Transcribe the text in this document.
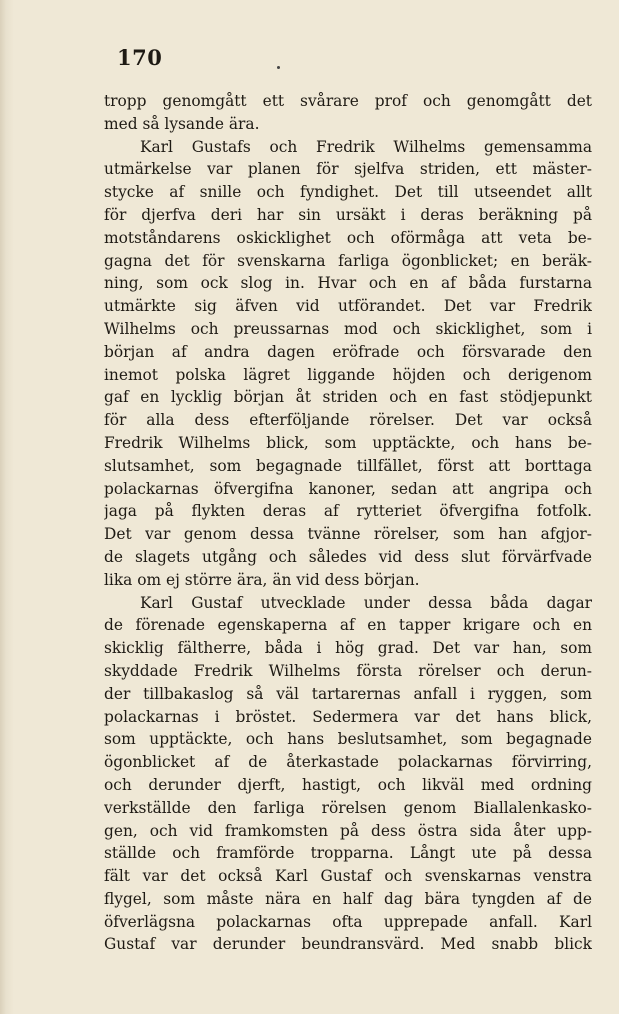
170
tropp genomgått ett svårare prof och genomgått det
med så lysande ära.
Karl Gustafs och Fredrik Wilhelms gemensamma
utmärkelse var planen för sjelfva striden, ett mäster-
stycke af snille och fyndighet. Det till utseendet allt
för djerfva deri har sin ursäkt i deras beräkning på
motståndarens oskicklighet och oförmåga att veta be-
gagna det för svenskarna farliga ögonblicket; en beräk-
ning, som ock slog in. Hvar och en af båda furstarna
utmärkte sig äfven vid utförandet. Det var Fredrik
Wilhelms och preussarnas mod och skicklighet, som i
början af andra dagen eröfrade och försvarade den
inemot polska lägret liggande höjden och derigenom
gaf en lycklig början åt striden och en fast stödjepunkt
för alla dess efterföljande rörelser. Det var också
Fredrik Wilhelms blick, som upptäckte, och hans be-
slutsamhet, som begagnade tillfället, först att borttaga
polackarnas öfvergifna kanoner, sedan att angripa och
jaga på flykten deras af rytteriet öfvergifna fotfolk.
Det var genom dessa tvänne rörelser, som han afgjor-
de slagets utgång och således vid dess slut förvärfvade
lika om ej större ära, än vid dess början.
Karl Gustaf utvecklade under dessa båda dagar
de förenade egenskaperna af en tapper krigare och en
skicklig fältherre, båda i hög grad. Det var han, som
skyddade Fredrik Wilhelms första rörelser och derun-
der tillbakaslog så väl tartarernas anfall i ryggen, som
polackarnas i bröstet. Sedermera var det hans blick,
som upptäckte, och hans beslutsamhet, som begagnade
ögonblicket af de återkastade polackarnas förvirring,
och derunder djerft, hastigt, och likväl med ordning
verkställde den farliga rörelsen genom Biallalenkasko-
gen, och vid framkomsten på dess östra sida åter upp-
ställde och framförde tropparna. Långt ute på dessa
fält var det också Karl Gustaf och svenskarnas venstra
flygel, som måste nära en half dag bära tyngden af de
öfverlägsna polackarnas ofta upprepade anfall. Karl
Gustaf var derunder beundransvärd. Med snabb blick
